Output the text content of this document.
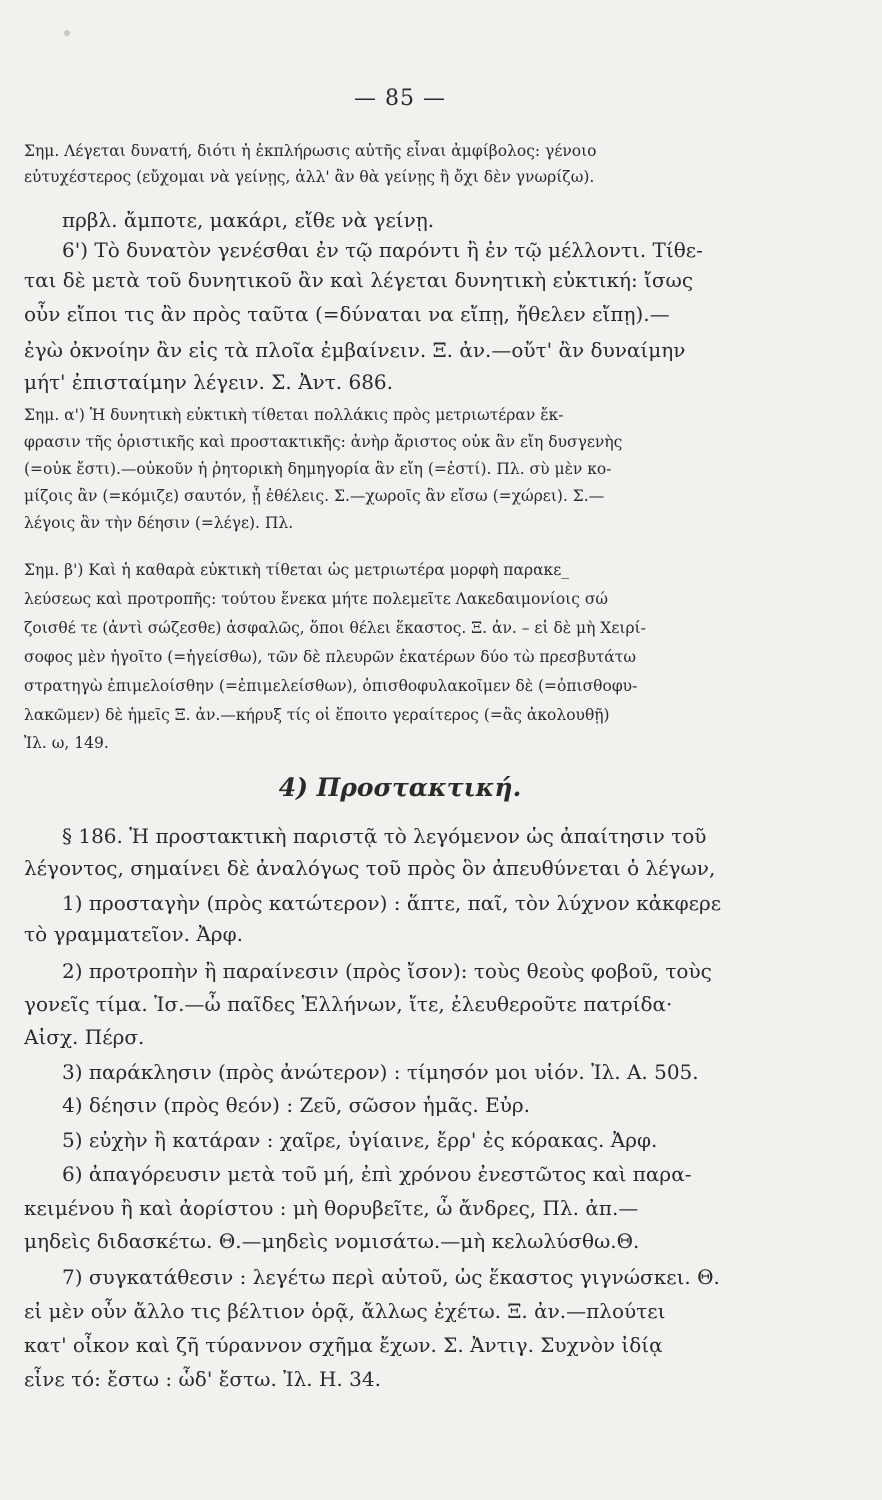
— 85 —
Σημ. Λέγεται δυνατή, διότι ἡ ἐκπλήρωσις αὐτῆς εἶναι ἀμφίβολος: γένοιο
εὐτυχέστερος (εὔχομαι νὰ γείνῃς, ἀλλ' ἂν θὰ γείνῃς ἢ ὄχι δὲν γνωρίζω).
πρβλ. ἄμποτε, μακάρι, εἴθε νὰ γείνῃ.
6') Τὸ δυνατὸν γενέσθαι ἐν τῷ παρόντι ἢ ἐν τῷ μέλλοντι. Τίθε-
ται δὲ μετὰ τοῦ δυνητικοῦ ἂν καὶ λέγεται δυνητικὴ εὐκτική: ἴσως
οὖν εἴποι τις ἂν πρὸς ταῦτα (=δύναται να εἴπῃ, ἤθελεν εἴπῃ).—
ἐγὼ ὀκνοίην ἂν εἰς τὰ πλοῖα ἐμβαίνειν. Ξ. ἀν.—οὔτ' ἂν δυναίμην
μήτ' ἐπισταίμην λέγειν. Σ. Ἀντ. 686.
Σημ. α') Ἡ δυνητικὴ εὐκτικὴ τίθεται πολλάκις πρὸς μετριωτέραν ἔκ-
φρασιν τῆς ὁριστικῆς καὶ προστακτικῆς: ἀνὴρ ἄριστος οὐκ ἂν εἴη δυσγενὴς
(=οὐκ ἔστι).—οὐκοῦν ἡ ῥητορικὴ δημηγορία ἂν εἴη (=ἐστί). Πλ. σὺ μὲν κο-
μίζοις ἂν (=κόμιζε) σαυτόν, ᾗ ἐθέλεις. Σ.—χωροῖς ἂν εἴσω (=χώρει). Σ.—
λέγοις ἂν τὴν δέησιν (=λέγε). Πλ.
Σημ. β') Καὶ ἡ καθαρὰ εὐκτικὴ τίθεται ὡς μετριωτέρα μορφὴ παρακε_
λεύσεως καὶ προτροπῆς: τούτου ἕνεκα μήτε πολεμεῖτε Λακεδαιμονίοις σώ
ζοισθέ τε (ἀντὶ σώζεσθε) ἀσφαλῶς, ὅποι θέλει ἕκαστος. Ξ. ἀν. – εἰ δὲ μὴ Χειρί-
σοφος μὲν ἡγοῖτο (=ἡγείσθω), τῶν δὲ πλευρῶν ἑκατέρων δύο τὼ πρεσβυτάτω
στρατηγὼ ἐπιμελοίσθην (=ἐπιμελείσθων), ὀπισθοφυλακοῖμεν δὲ (=ὀπισθοφυ-
λακῶμεν) δὲ ἡμεῖς Ξ. ἀν.—κήρυξ τίς οἱ ἕποιτο γεραίτερος (=ἂς ἀκολουθῇ)
Ἰλ. ω, 149.
4) Προστακτική.
§ 186. Ἡ προστακτικὴ παριστᾷ τὸ λεγόμενον ὡς ἀπαίτησιν τοῦ
λέγοντος, σημαίνει δὲ ἀναλόγως τοῦ πρὸς ὃν ἀπευθύνεται ὁ λέγων,
1) προσταγὴν (πρὸς κατώτερον) : ἅπτε, παῖ, τὸν λύχνον κἀκφερε
τὸ γραμματεῖον. Ἀρφ.
2) προτροπὴν ἢ παραίνεσιν (πρὸς ἴσον): τοὺς θεοὺς φοβοῦ, τοὺς
γονεῖς τίμα. Ἰσ.—ὦ παῖδες Ἑλλήνων, ἴτε, ἐλευθεροῦτε πατρίδα·
Αἰσχ. Πέρσ.
3) παράκλησιν (πρὸς ἀνώτερον) : τίμησόν μοι υἱόν. Ἰλ. Α. 505.
4) δέησιν (πρὸς θεόν) : Ζεῦ, σῶσον ἡμᾶς. Εὐρ.
5) εὐχὴν ἢ κατάραν : χαῖρε, ὑγίαινε, ἔρρ' ἐς κόρακας. Ἀρφ.
6) ἀπαγόρευσιν μετὰ τοῦ μή, ἐπὶ χρόνου ἐνεστῶτος καὶ παρα-
κειμένου ἢ καὶ ἀορίστου : μὴ θορυβεῖτε, ὦ ἄνδρες, Πλ. ἀπ.—
μηδεὶς διδασκέτω. Θ.—μηδεὶς νομισάτω.—μὴ κελωλύσθω.Θ.
7) συγκατάθεσιν : λεγέτω περὶ αὐτοῦ, ὡς ἕκαστος γιγνώσκει. Θ.
εἰ μὲν οὖν ἄλλο τις βέλτιον ὁρᾷ, ἄλλως ἐχέτω. Ξ. ἀν.—πλούτει
κατ' οἶκον καὶ ζῆ τύραννον σχῆμα ἔχων. Σ. Ἀντιγ. Συχνὸν ἰδίᾳ
εἶνε τό: ἔστω : ὧδ' ἔστω. Ἰλ. Η. 34.
